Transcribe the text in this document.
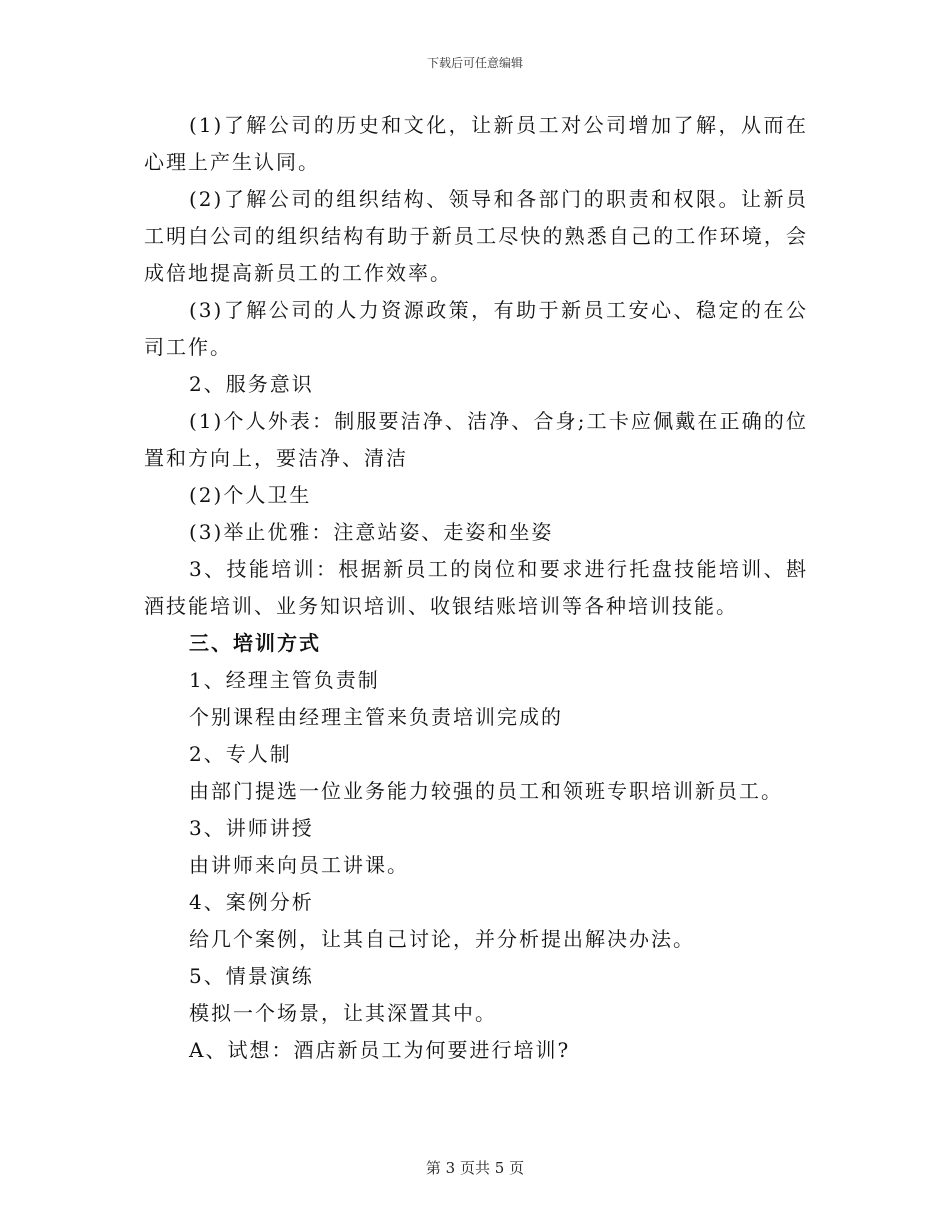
下载后可任意编辑

(1)了解公司的历史和文化，让新员工对公司增加了解，从而在心理上产生认同。

(2)了解公司的组织结构、领导和各部门的职责和权限。让新员工明白公司的组织结构有助于新员工尽快的熟悉自己的工作环境，会成倍地提高新员工的工作效率。

(3)了解公司的人力资源政策，有助于新员工安心、稳定的在公司工作。

2、服务意识

(1)个人外表：制服要洁净、洁净、合身;工卡应佩戴在正确的位置和方向上，要洁净、清洁

(2)个人卫生

(3)举止优雅：注意站姿、走姿和坐姿

3、技能培训：根据新员工的岗位和要求进行托盘技能培训、斟酒技能培训、业务知识培训、收银结账培训等各种培训技能。

三、培训方式

1、经理主管负责制

个别课程由经理主管来负责培训完成的

2、专人制

由部门提选一位业务能力较强的员工和领班专职培训新员工。

3、讲师讲授

由讲师来向员工讲课。

4、案例分析

给几个案例，让其自己讨论，并分析提出解决办法。

5、情景演练

模拟一个场景，让其深置其中。

A、试想：酒店新员工为何要进行培训?

第 3 页共 5 页
